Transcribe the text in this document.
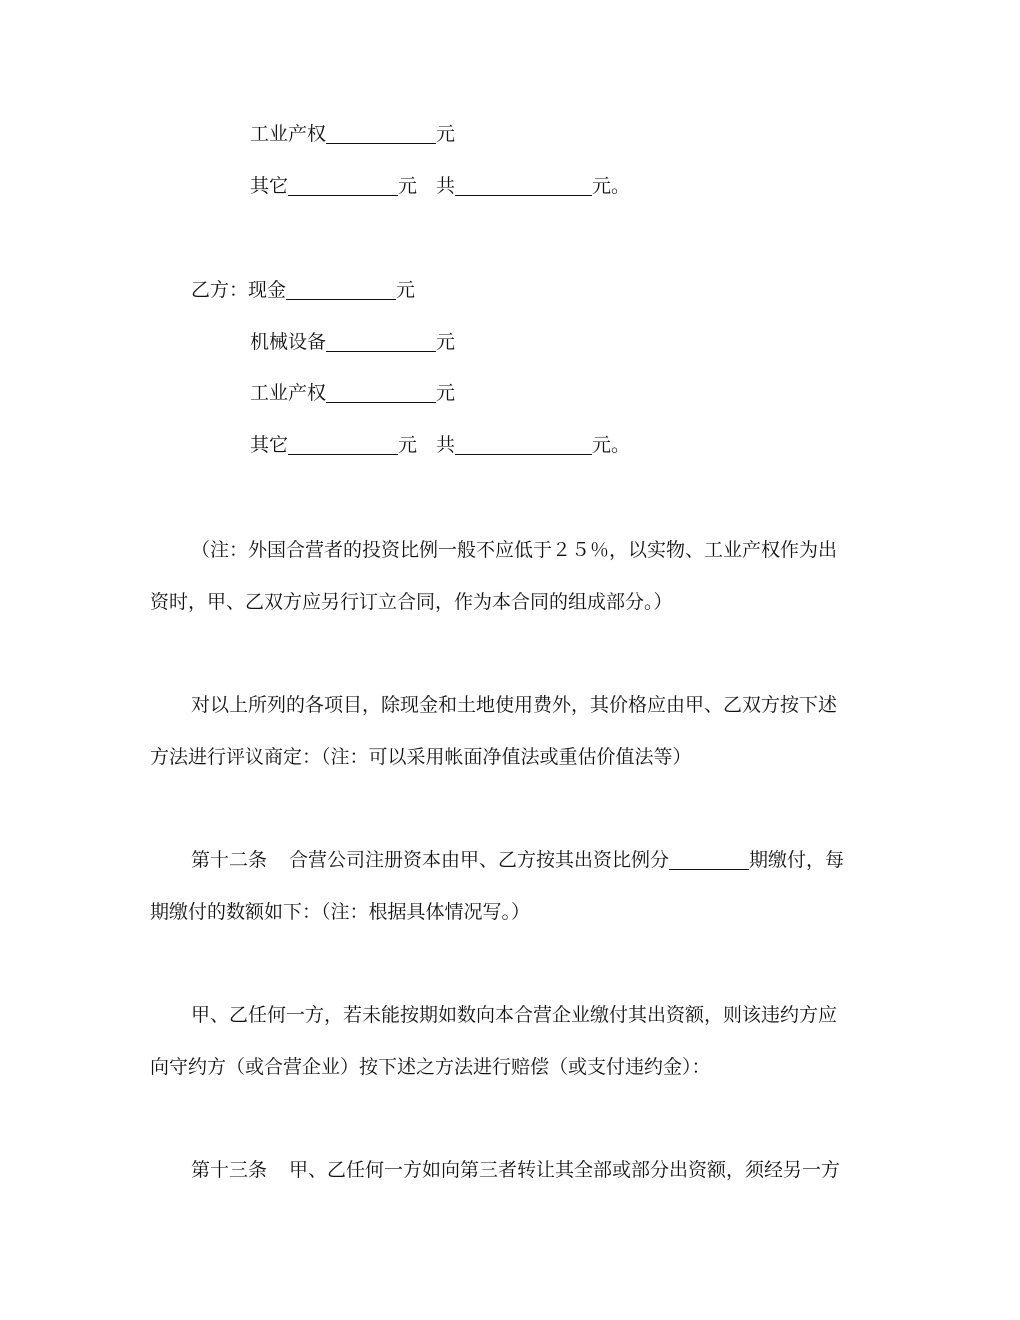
工业产权	元
其它	元 共	元。
乙方：现金	元
机械设备	元
工业产权	元
其它	元 共	元。
（注：外国合营者的投资比例一般不应低于２５％，以实物、工业产权作为出
资时，甲、乙双方应另行订立合同，作为本合同的组成部分。）
对以上所列的各项目，除现金和土地使用费外，其价格应由甲、乙双方按下述
方法进行评议商定：（注：可以采用帐面净值法或重估价值法等）
第十二条 合营公司注册资本由甲、乙方按其出资比例分	期缴付，每
期缴付的数额如下：（注：根据具体情况写。）
甲、乙任何一方，若未能按期如数向本合营企业缴付其出资额，则该违约方应
向守约方（或合营企业）按下述之方法进行赔偿（或支付违约金）：
第十三条 甲、乙任何一方如向第三者转让其全部或部分出资额，须经另一方
